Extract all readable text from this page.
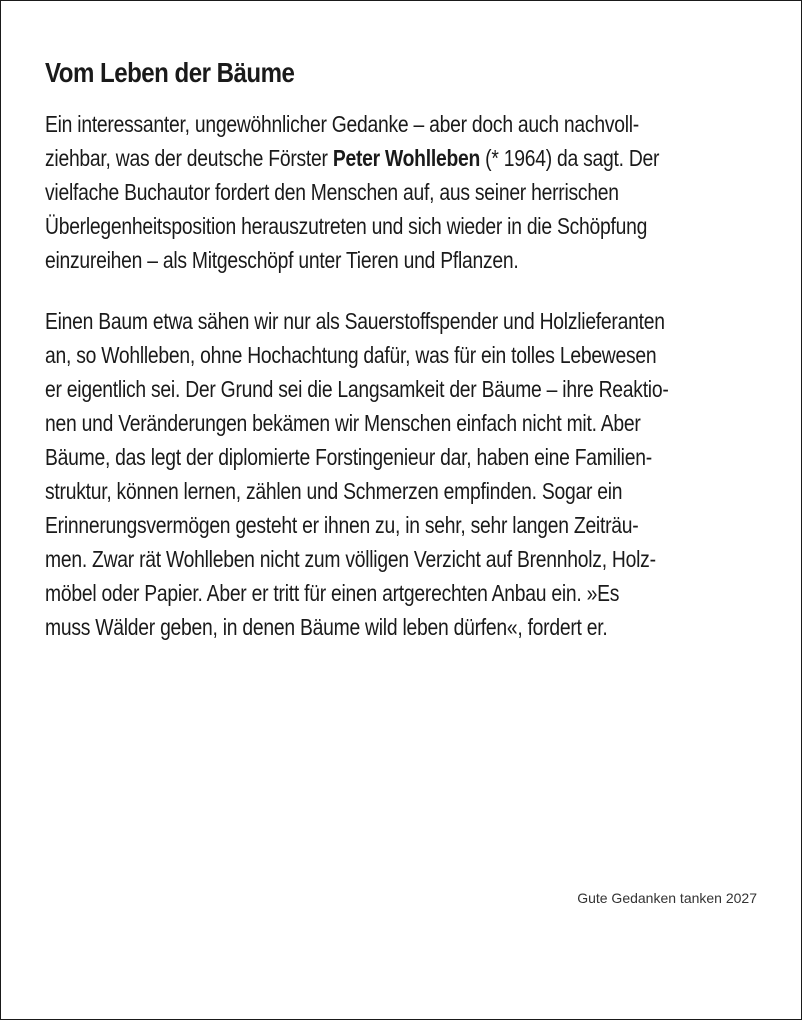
Vom Leben der Bäume

Ein interessanter, ungewöhnlicher Gedanke – aber doch auch nachvoll-
ziehbar, was der deutsche Förster Peter Wohlleben (* 1964) da sagt. Der
vielfache Buchautor fordert den Menschen auf, aus seiner herrischen
Überlegenheitsposition herauszutreten und sich wieder in die Schöpfung
einzureihen – als Mitgeschöpf unter Tieren und Pflanzen.

Einen Baum etwa sähen wir nur als Sauerstoffspender und Holzlieferanten
an, so Wohlleben, ohne Hochachtung dafür, was für ein tolles Lebewesen
er eigentlich sei. Der Grund sei die Langsamkeit der Bäume – ihre Reaktio-
nen und Veränderungen bekämen wir Menschen einfach nicht mit. Aber
Bäume, das legt der diplomierte Forstingenieur dar, haben eine Familien-
struktur, können lernen, zählen und Schmerzen empfinden. Sogar ein
Erinnerungsvermögen gesteht er ihnen zu, in sehr, sehr langen Zeiträu-
men. Zwar rät Wohlleben nicht zum völligen Verzicht auf Brennholz, Holz-
möbel oder Papier. Aber er tritt für einen artgerechten Anbau ein. »Es
muss Wälder geben, in denen Bäume wild leben dürfen«, fordert er.

Gute Gedanken tanken 2027
